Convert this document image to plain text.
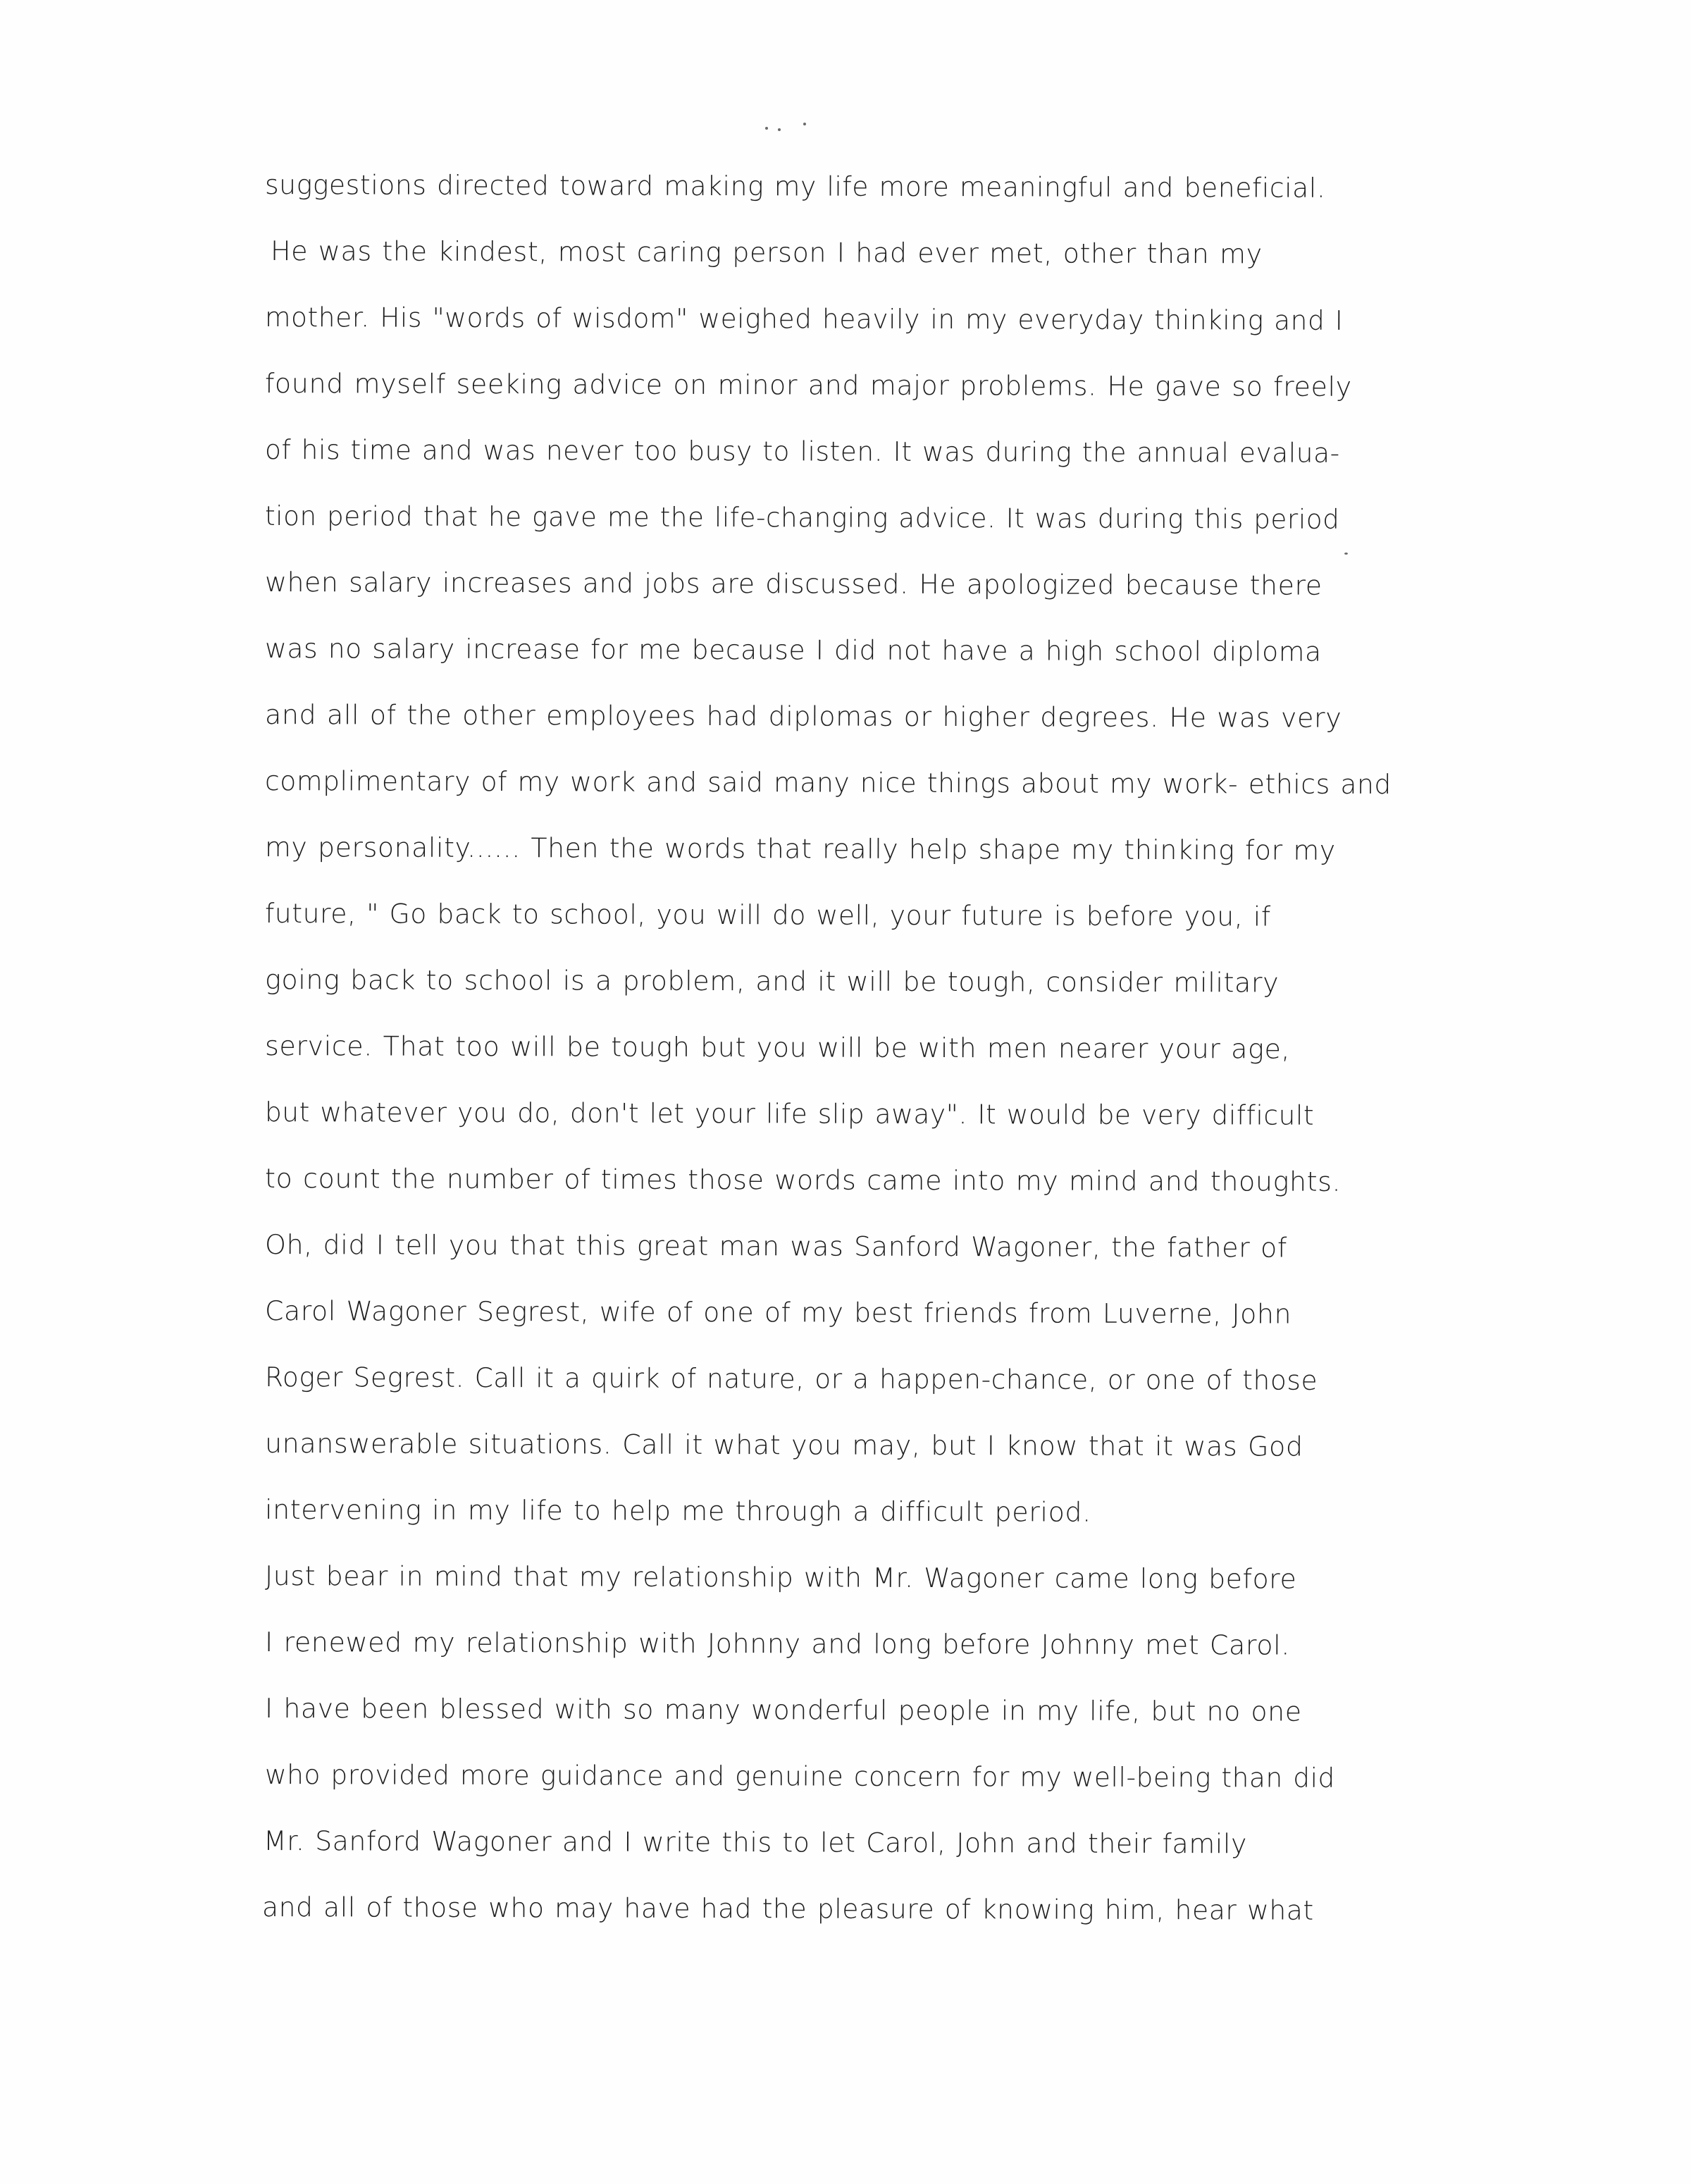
suggestions directed toward making my life more meaningful and beneficial.
He was the kindest, most caring person I had ever met, other than my
mother. His "words of wisdom" weighed heavily in my everyday thinking and I
found myself seeking advice on minor and major problems. He gave so freely
of his time and was never too busy to listen. It was during the annual evalua-
tion period that he gave me the life-changing advice. It was during this period
when salary increases and jobs are discussed. He apologized because there
was no salary increase for me because I did not have a high school diploma
and all of the other employees had diplomas or higher degrees. He was very
complimentary of my work and said many nice things about my work- ethics and
my personality...... Then the words that really help shape my thinking for my
future, " Go back to school, you will do well, your future is before you, if
going back to school is a problem, and it will be tough, consider military
service. That too will be tough but you will be with men nearer your age,
but whatever you do, don't let your life slip away". It would be very difficult
to count the number of times those words came into my mind and thoughts.
Oh, did I tell you that this great man was Sanford Wagoner, the father of
Carol Wagoner Segrest, wife of one of my best friends from Luverne, John
Roger Segrest. Call it a quirk of nature, or a happen-chance, or one of those
unanswerable situations. Call it what you may, but I know that it was God
intervening in my life to help me through a difficult period.
Just bear in mind that my relationship with Mr. Wagoner came long before
I renewed my relationship with Johnny and long before Johnny met Carol.
I have been blessed with so many wonderful people in my life, but no one
who provided more guidance and genuine concern for my well-being than did
Mr. Sanford Wagoner and I write this to let Carol, John and their family
and all of those who may have had the pleasure of knowing him, hear what
